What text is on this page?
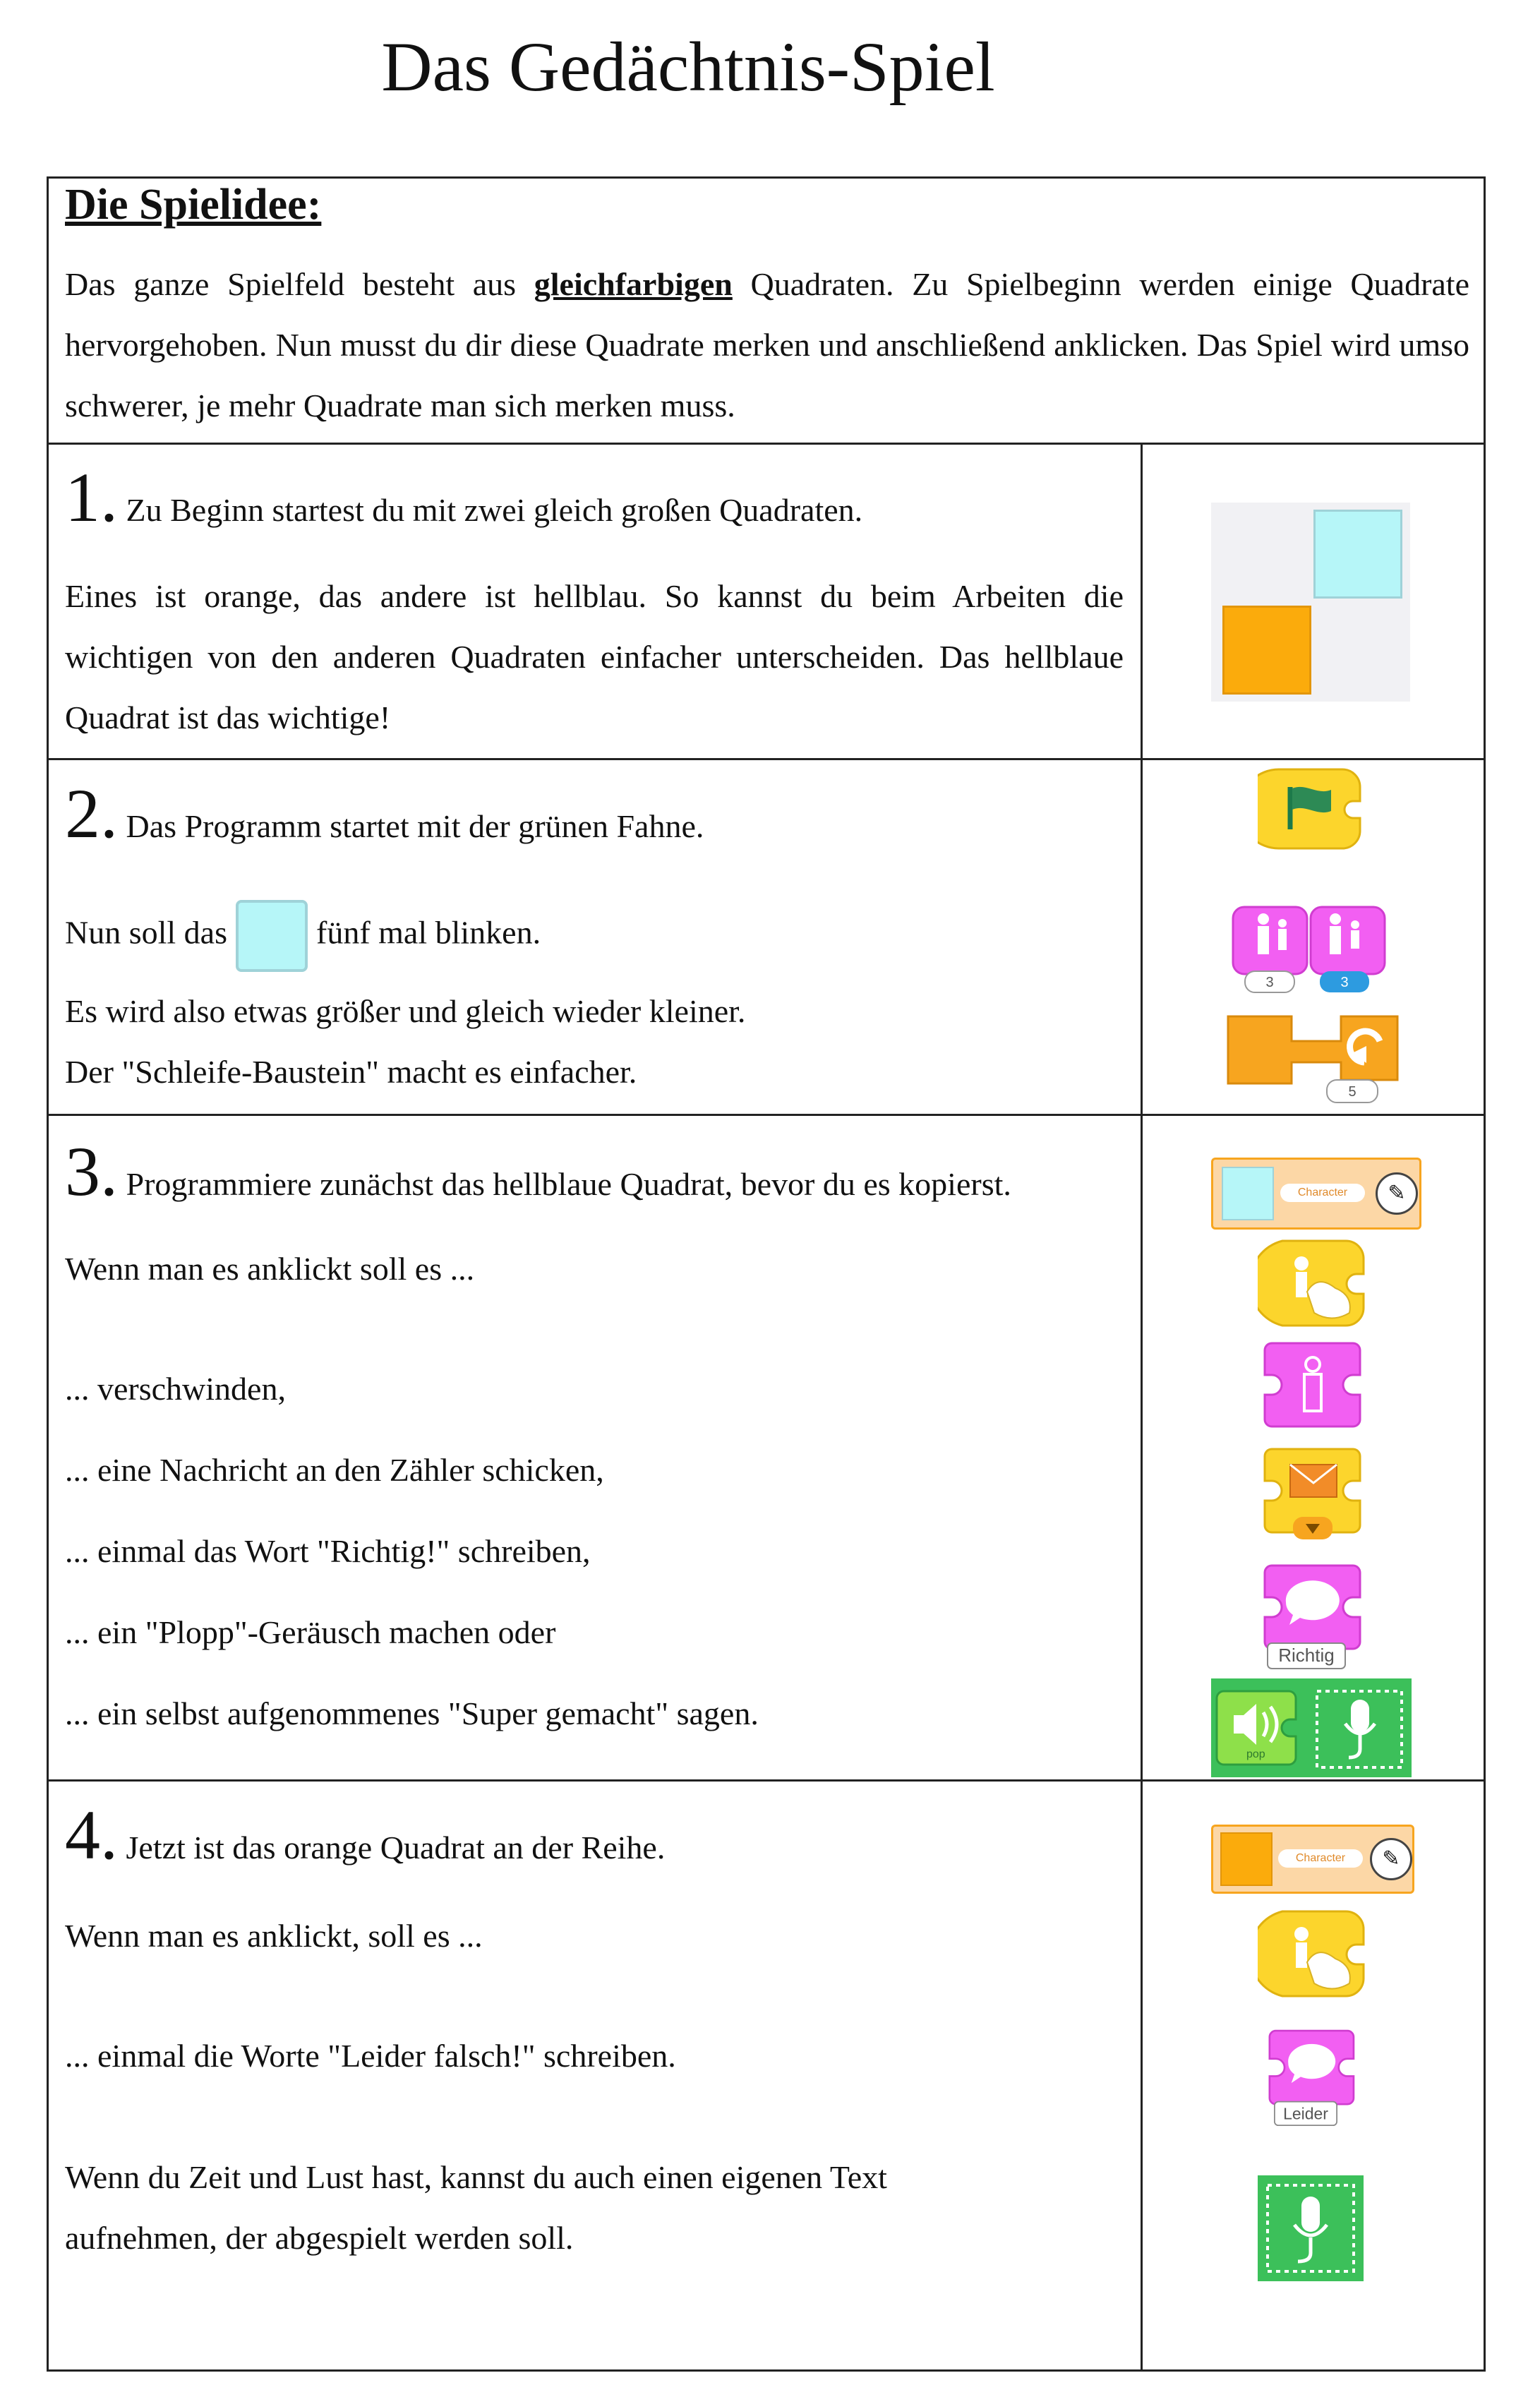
Das Gedächtnis-Spiel
Die Spielidee:
Das ganze Spielfeld besteht aus gleichfarbigen Quadraten. Zu Spielbeginn werden einige Quadrate hervorgehoben. Nun musst du dir diese Quadrate merken und anschließend anklicken. Das Spiel wird umso schwerer, je mehr Quadrate man sich merken muss.
1. Zu Beginn startest du mit zwei gleich großen Quadraten.
Eines ist orange, das andere ist hellblau. So kannst du beim Arbeiten die wichtigen von den anderen Quadraten einfacher unterscheiden. Das hellblaue Quadrat ist das wichtige!
2. Das Programm startet mit der grünen Fahne.
Nun soll das	fünf mal blinken.
Es wird also etwas größer und gleich wieder kleiner.
Der "Schleife-Baustein" macht es einfacher.
3	3
5
3. Programmiere zunächst das hellblaue Quadrat, bevor du es kopierst.
Wenn man es anklickt soll es ...
... verschwinden,
... eine Nachricht an den Zähler schicken,
... einmal das Wort "Richtig!" schreiben,
... ein "Plopp"-Geräusch machen oder
... ein selbst aufgenommenes "Super gemacht" sagen.
Character	✎
Richtig
pop
4. Jetzt ist das orange Quadrat an der Reihe.
Wenn man es anklickt, soll es ...
... einmal die Worte "Leider falsch!" schreiben.
Wenn du Zeit und Lust hast, kannst du auch einen eigenen Text
aufnehmen, der abgespielt werden soll.
Character	✎
Leider
